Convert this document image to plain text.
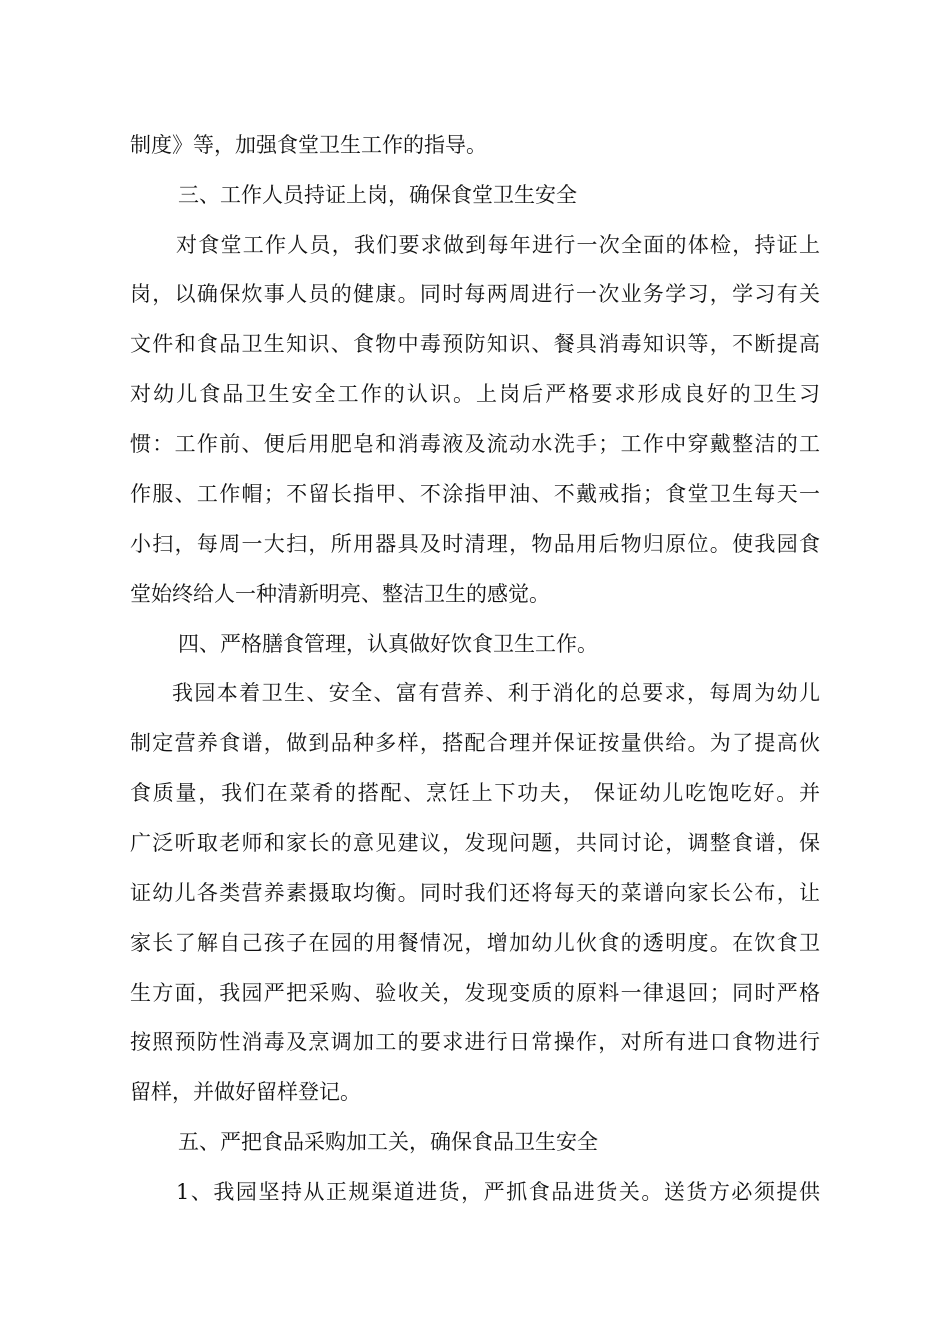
制度》等，加强食堂卫生工作的指导。
三、工作人员持证上岗，确保食堂卫生安全
对食堂工作人员，我们要求做到每年进行一次全面的体检，持证上
岗，以确保炊事人员的健康。同时每两周进行一次业务学习，学习有关
文件和食品卫生知识、食物中毒预防知识、餐具消毒知识等，不断提高
对幼儿食品卫生安全工作的认识。上岗后严格要求形成良好的卫生习
惯：工作前、便后用肥皂和消毒液及流动水洗手；工作中穿戴整洁的工
作服、工作帽；不留长指甲、不涂指甲油、不戴戒指；食堂卫生每天一
小扫，每周一大扫，所用器具及时清理，物品用后物归原位。使我园食
堂始终给人一种清新明亮、整洁卫生的感觉。
四、严格膳食管理，认真做好饮食卫生工作。
我园本着卫生、安全、富有营养、利于消化的总要求，每周为幼儿
制定营养食谱，做到品种多样，搭配合理并保证按量供给。为了提高伙
食质量，我们在菜肴的搭配、烹饪上下功夫， 保证幼儿吃饱吃好。并
广泛听取老师和家长的意见建议，发现问题，共同讨论，调整食谱，保
证幼儿各类营养素摄取均衡。同时我们还将每天的菜谱向家长公布，让
家长了解自己孩子在园的用餐情况，增加幼儿伙食的透明度。在饮食卫
生方面，我园严把采购、验收关，发现变质的原料一律退回；同时严格
按照预防性消毒及烹调加工的要求进行日常操作，对所有进口食物进行
留样，并做好留样登记。
五、严把食品采购加工关，确保食品卫生安全
1、我园坚持从正规渠道进货，严抓食品进货关。送货方必须提供
